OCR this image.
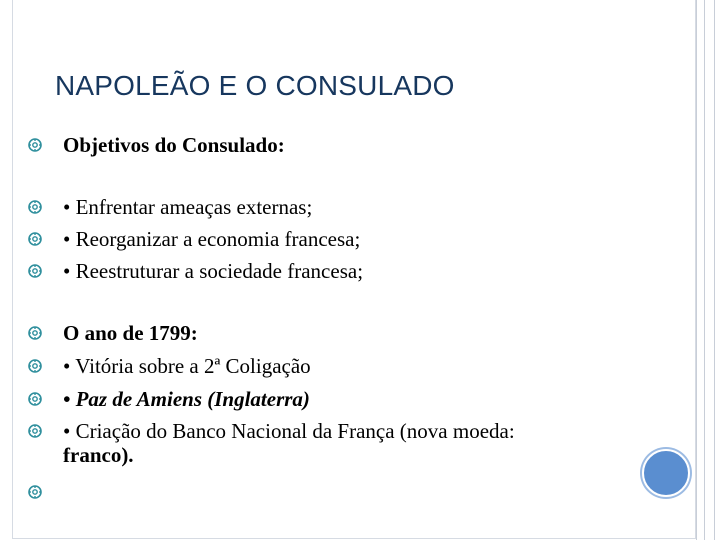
NAPOLEÃO E O CONSULADO
Objetivos do Consulado:
• Enfrentar ameaças externas;
• Reorganizar a economia francesa;
• Reestruturar a sociedade francesa;
O ano de 1799:
• Vitória sobre a 2ª Coligação
• Paz de Amiens (Inglaterra)
• Criação do Banco Nacional da França (nova moeda:
franco).
